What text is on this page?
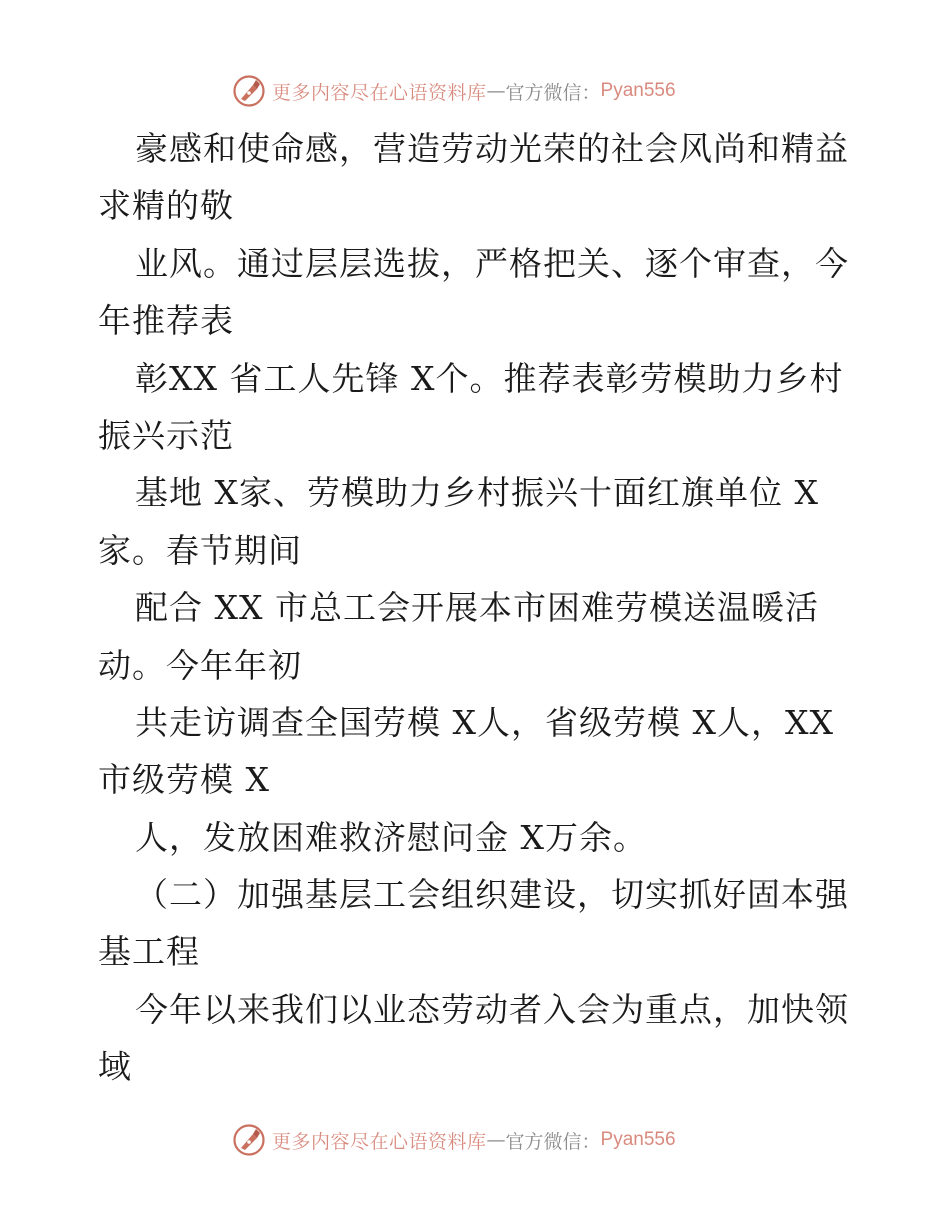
更多内容尽在心语资料库 — 官方微信： Pyan556
豪感和使命感，营造劳动光荣的社会风尚和精益
求精的敬
业风。通过层层选拔，严格把关、逐个审查，今
年推荐表
彰XX 省工人先锋 X个。推荐表彰劳模助力乡村
振兴示范
基地 X家、劳模助力乡村振兴十面红旗单位 X
家。春节期间
配合 XX 市总工会开展本市困难劳模送温暖活
动。今年年初
共走访调查全国劳模 X人，省级劳模 X人，XX
市级劳模 X
人，发放困难救济慰问金 X万余。
（二）加强基层工会组织建设，切实抓好固本强
基工程
今年以来我们以业态劳动者入会为重点，加快领
域
更多内容尽在心语资料库 — 官方微信： Pyan556
